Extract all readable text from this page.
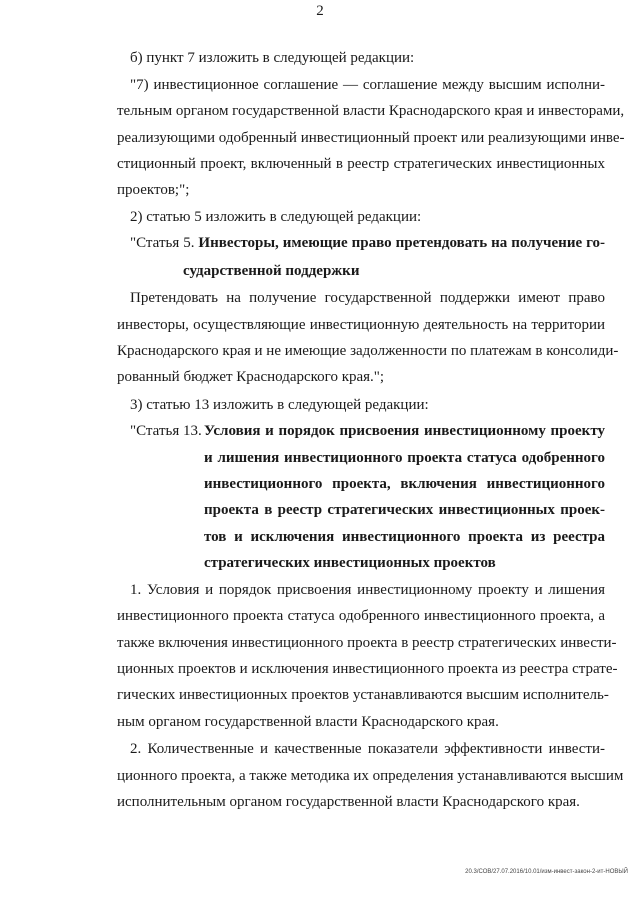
2
б) пункт 7 изложить в следующей редакции:
"7) инвестиционное соглашение — соглашение между высшим исполни-
тельным органом государственной власти Краснодарского края и инвесторами,
реализующими одобренный инвестиционный проект или реализующими инве-
стиционный проект, включенный в реестр стратегических инвестиционных
проектов;";
2) статью 5 изложить в следующей редакции:
"Статья 5. Инвесторы, имеющие право претендовать на получение го-
сударственной поддержки
Претендовать на получение государственной поддержки имеют право
инвесторы, осуществляющие инвестиционную деятельность на территории
Краснодарского края и не имеющие задолженности по платежам в консолиди-
рованный бюджет Краснодарского края.";
3) статью 13 изложить в следующей редакции:
"Статья 13. Условия и порядок присвоения инвестиционному проекту
и лишения инвестиционного проекта статуса одобренного
инвестиционного проекта, включения инвестиционного
проекта в реестр стратегических инвестиционных проек-
тов и исключения инвестиционного проекта из реестра
стратегических инвестиционных проектов
1. Условия и порядок присвоения инвестиционному проекту и лишения
инвестиционного проекта статуса одобренного инвестиционного проекта, а
также включения инвестиционного проекта в реестр стратегических инвести-
ционных проектов и исключения инвестиционного проекта из реестра страте-
гических инвестиционных проектов устанавливаются высшим исполнитель-
ным органом государственной власти Краснодарского края.
2. Количественные и качественные показатели эффективности инвести-
ционного проекта, а также методика их определения устанавливаются высшим
исполнительным органом государственной власти Краснодарского края.
20.3/СОВ/27.07.2016/10.01/изм-инвест-закон-2-ит-НОВЫЙ
